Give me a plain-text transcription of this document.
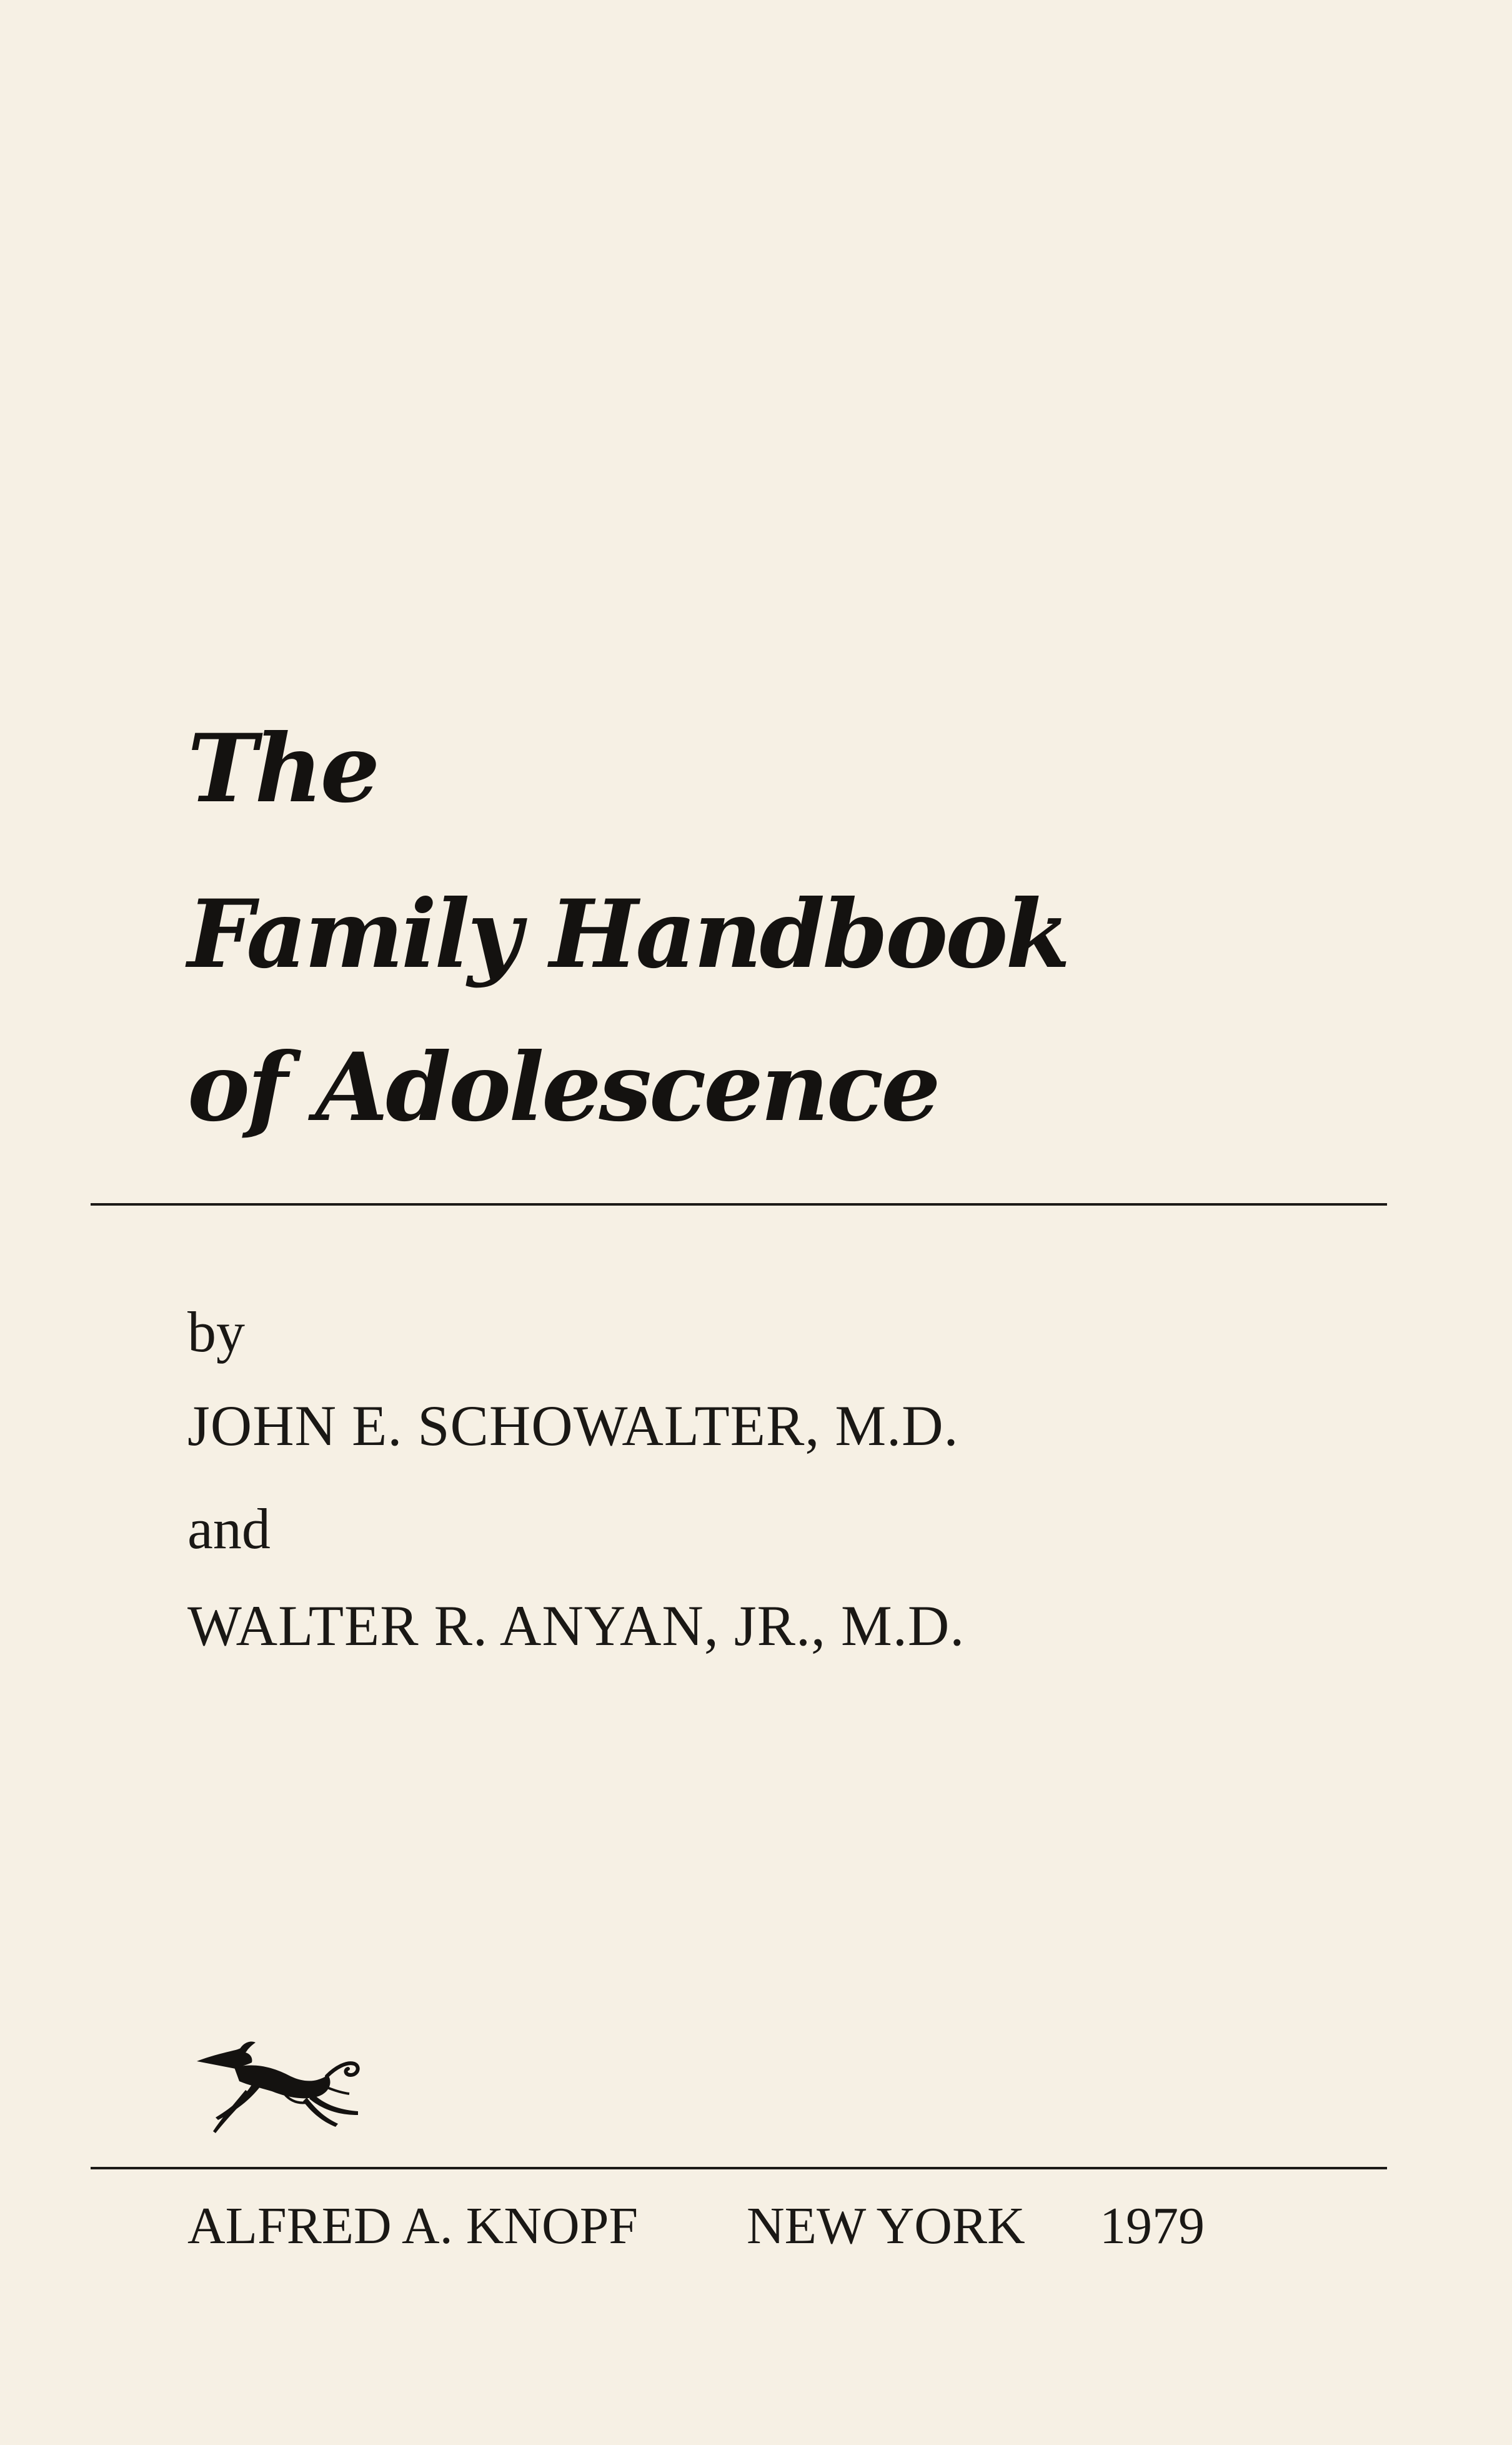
The
Family Handbook
of Adolescence
by
JOHN E. SCHOWALTER, M.D.
and
WALTER R. ANYAN, JR., M.D.
ALFRED A. KNOPF NEW YORK 1979
